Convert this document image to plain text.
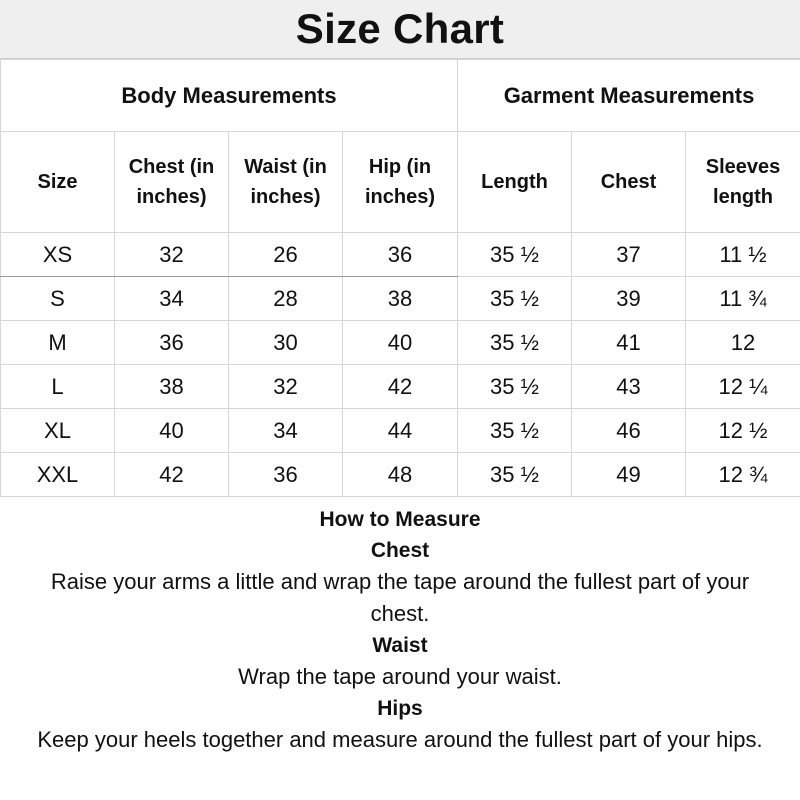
Size Chart
Body Measurements				Garment Measurements		
Size	Chest (in inches)	Waist (in inches)	Hip (in inches)	Length	Chest	Sleeves length
XS	32	26	36	35 ½	37	11 ½
S	34	28	38	35 ½	39	11 ¾
M	36	30	40	35 ½	41	12
L	38	32	42	35 ½	43	12 ¼
XL	40	34	44	35 ½	46	12 ½
XXL	42	36	48	35 ½	49	12 ¾
How to Measure
Chest
Raise your arms a little and wrap the tape around the fullest part of your chest.
Waist
Wrap the tape around your waist.
Hips
Keep your heels together and measure around the fullest part of your hips.
